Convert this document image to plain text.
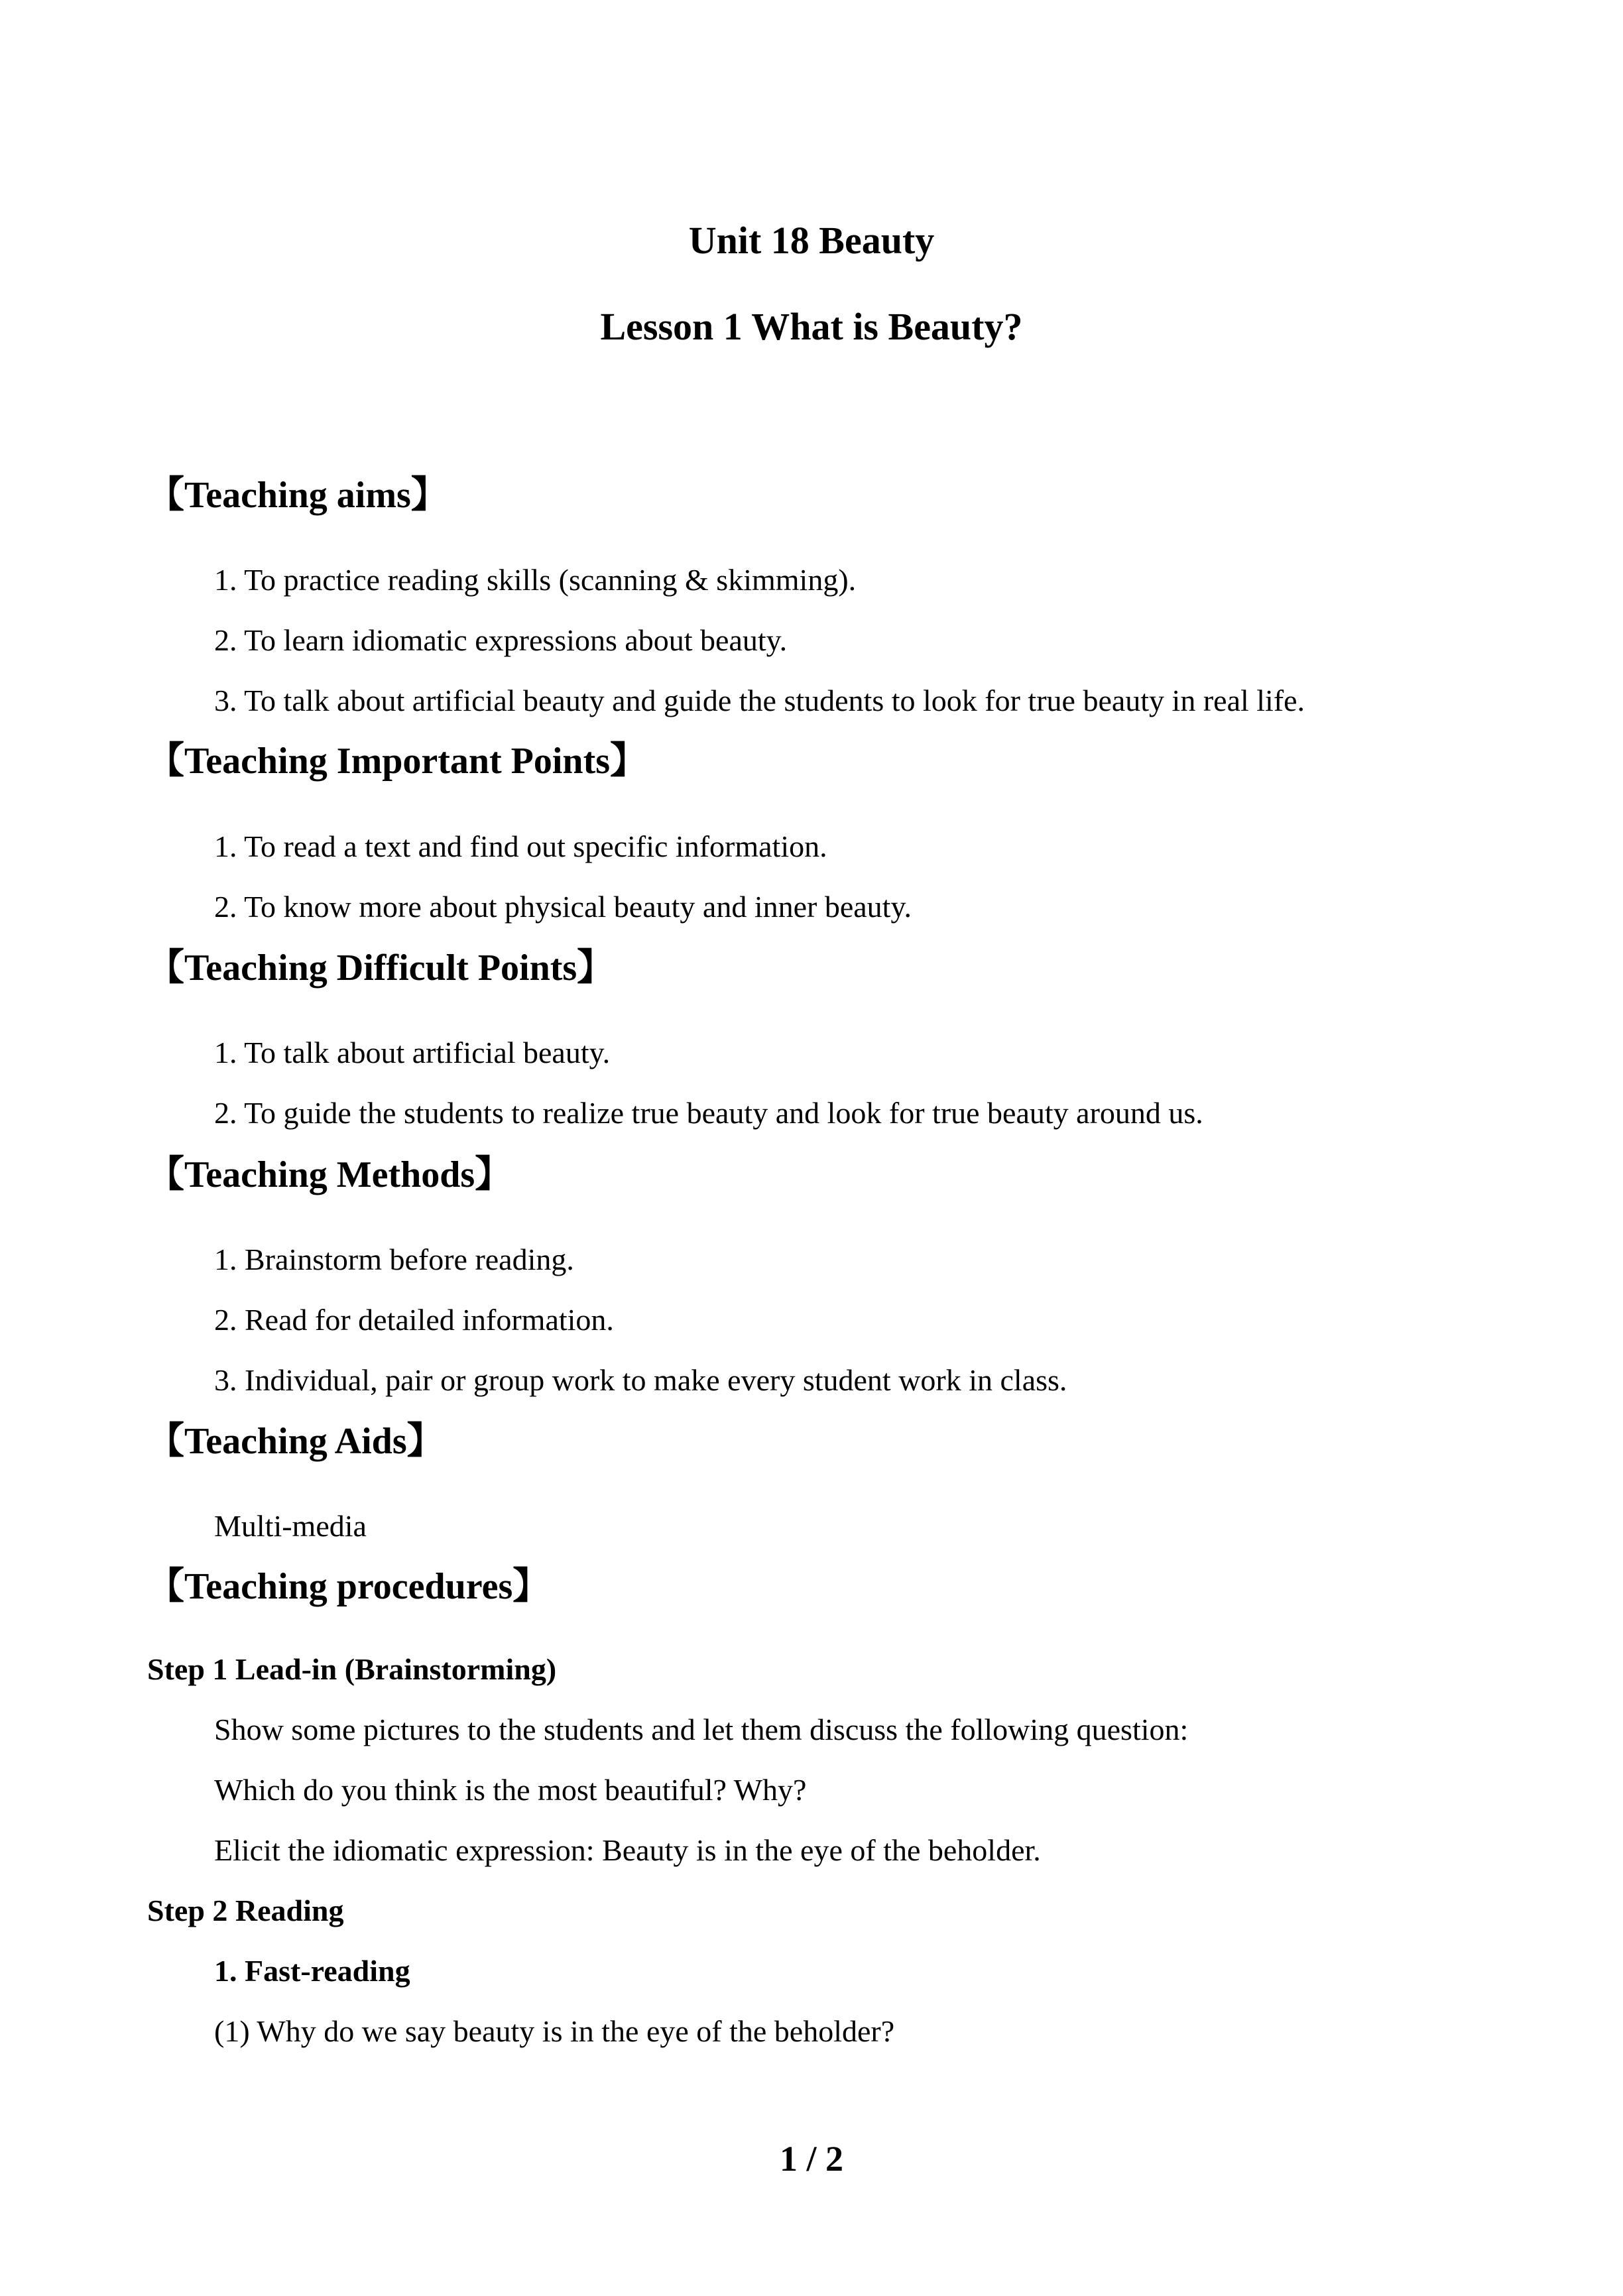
Unit 18 Beauty
Lesson 1 What is Beauty?
【Teaching aims】
1. To practice reading skills (scanning & skimming).
2. To learn idiomatic expressions about beauty.
3. To talk about artificial beauty and guide the students to look for true beauty in real life.
【Teaching Important Points】
1. To read a text and find out specific information.
2. To know more about physical beauty and inner beauty.
【Teaching Difficult Points】
1. To talk about artificial beauty.
2. To guide the students to realize true beauty and look for true beauty around us.
【Teaching Methods】
1. Brainstorm before reading.
2. Read for detailed information.
3. Individual, pair or group work to make every student work in class.
【Teaching Aids】
Multi-media
【Teaching procedures】
Step 1 Lead-in (Brainstorming)
Show some pictures to the students and let them discuss the following question:
Which do you think is the most beautiful? Why?
Elicit the idiomatic expression: Beauty is in the eye of the beholder.
Step 2 Reading
1. Fast-reading
(1) Why do we say beauty is in the eye of the beholder?
1 / 2
